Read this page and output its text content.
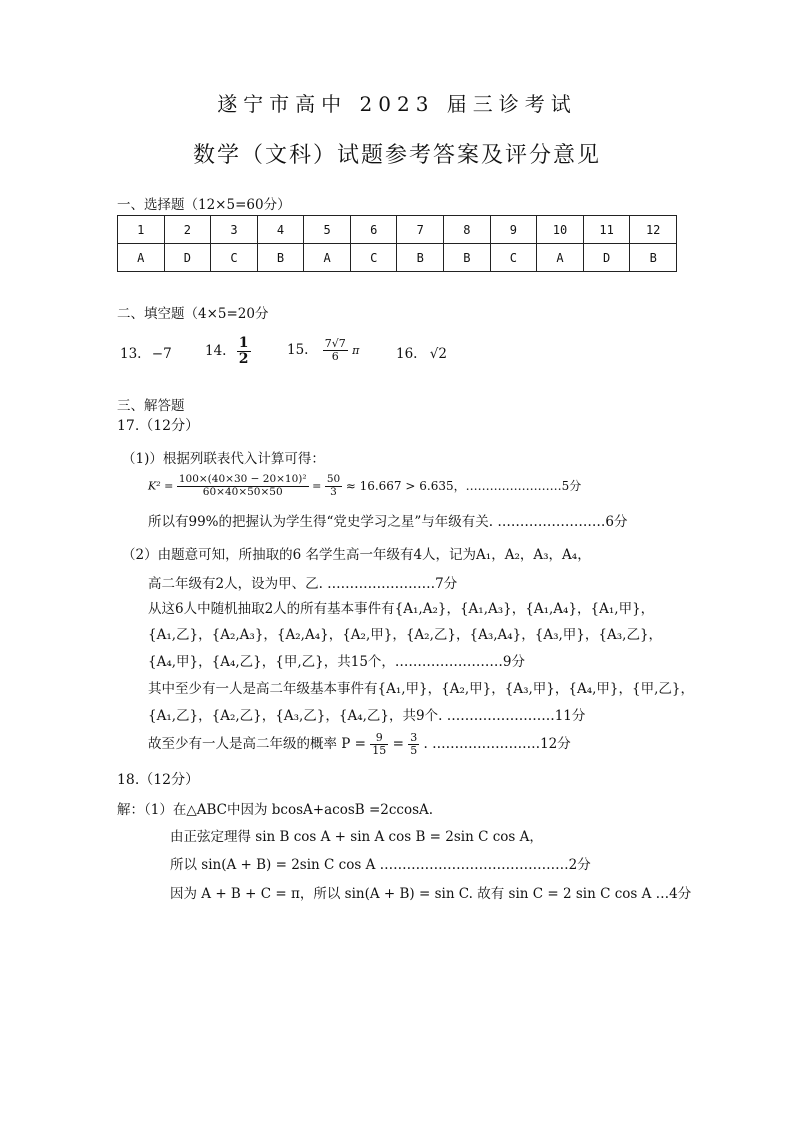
遂宁市高中 2023 届三诊考试
数学（文科）试题参考答案及评分意见
一、选择题（12×5=60分）
1	2	3	4	5	6	7	8	9	10	11	12
A	D	C	B	A	C	B	B	C	A	D	B
二、填空题（4×5=20分
13. −7 14. $\frac{1}{2}$	15. $\frac{7√7}{6}$ π	16. √2
三、解答题
17.（12分）
（1)）根据列联表代入计算可得：
$K^2 = \frac{\text{100×(40×30 − 20×10)²}}{60\times 40\times 50\times 50} = \frac{50}{3} \approx 16.667 > 6.635$，……………………5分
所以有99%的把握认为学生得“党史学习之星”与年级有关. ……………………6分
（2）由题意可知，所抽取的6 名学生高一年级有4人，记为A₁，A₂，A₃，A₄，
高二年级有2人，设为甲、乙. ……………………7分
从这6人中随机抽取2人的所有基本事件有{A₁,A₂}，{A₁,A₃}，{A₁,A₄}，{A₁,甲}，
{A₁,乙}，{A₂,A₃}，{A₂,A₄}，{A₂,甲}，{A₂,乙}，{A₃,A₄}，{A₃,甲}，{A₃,乙}，
{A₄,甲}，{A₄,乙}，{甲,乙}，共15个，……………………9分
其中至少有一人是高二年级基本事件有{A₁,甲}，{A₂,甲}，{A₃,甲}，{A₄,甲}，{甲,乙}，
{A₁,乙}，{A₂,乙}，{A₃,乙}，{A₄,乙}，共9个. ……………………11分
故至少有一人是高二年级的概率 $P = \frac{9}{15} = \frac{3}{5}$ . ……………………12分
18.（12分）
解：（1）在△ABC中因为 bcosA+acosB =2ccosA.
由正弦定理得 sin B cos A + sin A cos B = 2sin C cos A，
所以 sin(A + B) = 2sin C cos A ……………………………………2分
因为 A + B + C = π，所以 sin(A + B) = sin C. 故有 sin C = 2 sin C cos A …4分
